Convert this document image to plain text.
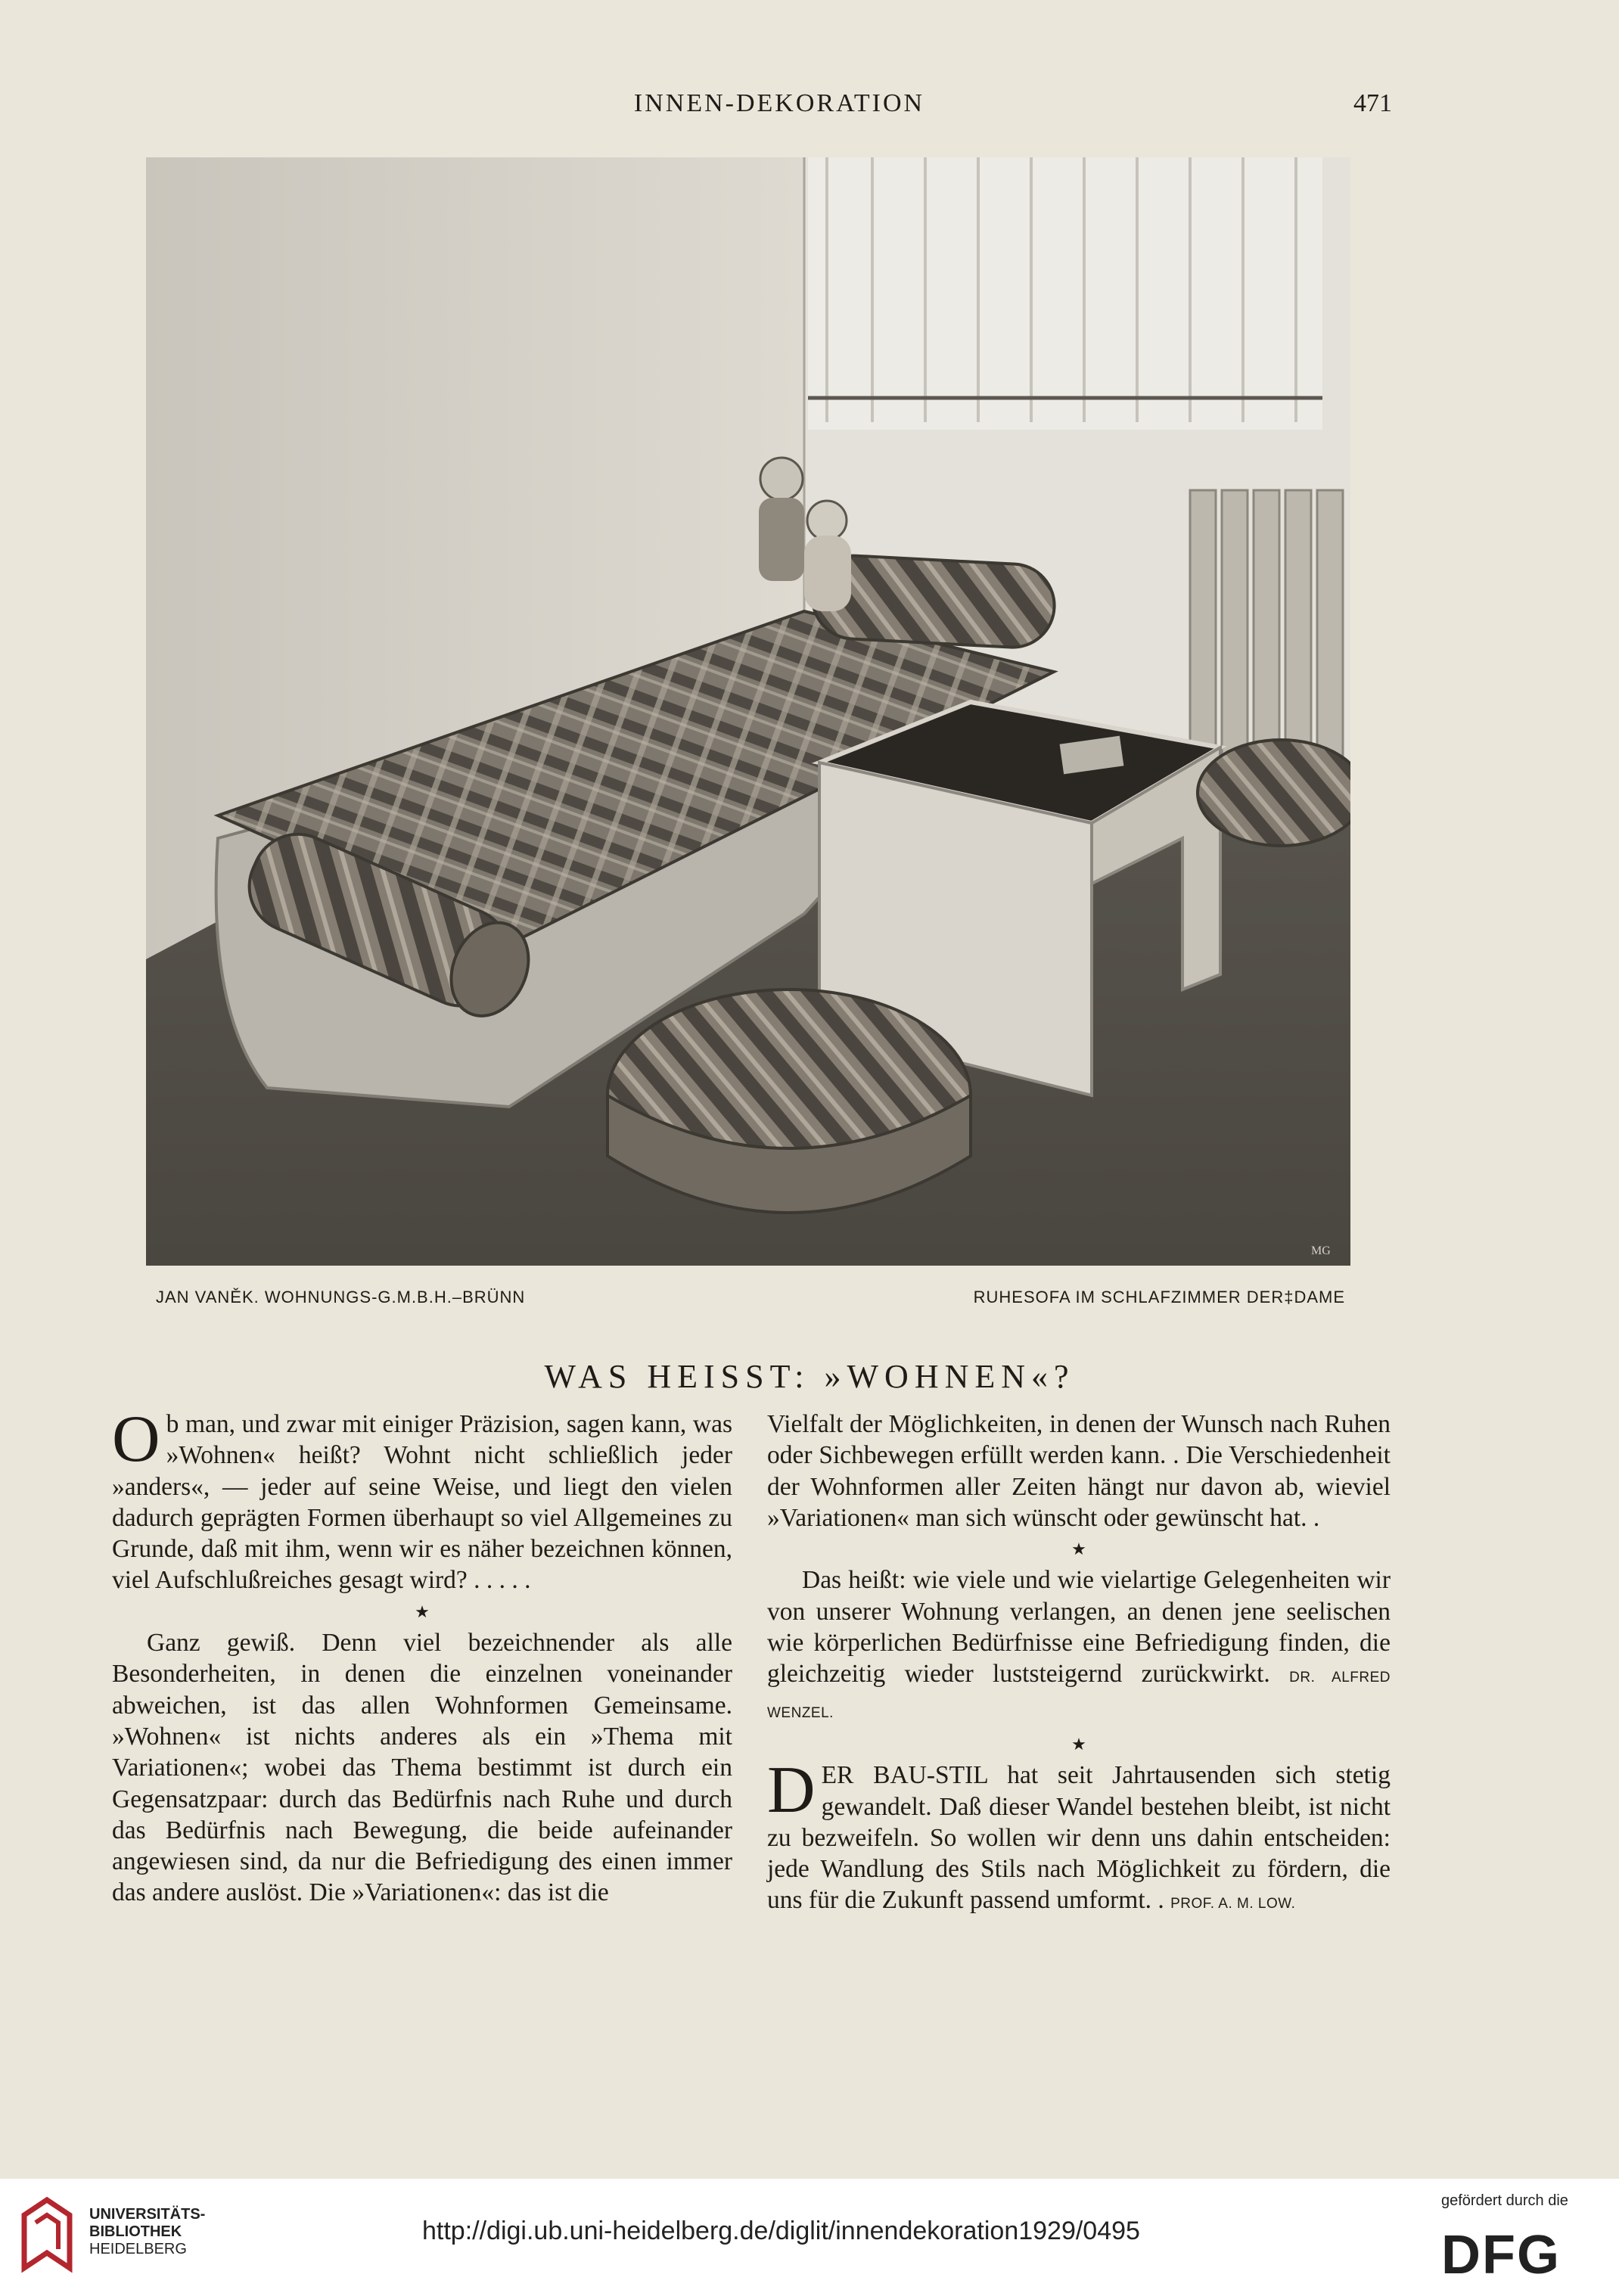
INNEN-DEKORATION	471
MG
JAN VANĚK. WOHNUNGS-G.M.B.H.–BRÜNN	RUHESOFA IM SCHLAFZIMMER DER‡DAME
WAS HEISST: »WOHNEN«?

Ob man, und zwar mit einiger Präzision, sagen kann, was »Wohnen« heißt? Wohnt nicht schließlich jeder »anders«, — jeder auf seine Weise, und liegt den vielen dadurch geprägten Formen überhaupt so viel Allgemeines zu Grunde, daß mit ihm, wenn wir es näher bezeichnen können, viel Aufschlußreiches gesagt wird? . . . . .

★

Ganz gewiß. Denn viel bezeichnender als alle Besonderheiten, in denen die einzelnen voneinander abweichen, ist das allen Wohnformen Gemeinsame. »Wohnen« ist nichts anderes als ein »Thema mit Variationen«; wobei das Thema bestimmt ist durch ein Gegensatzpaar: durch das Bedürfnis nach Ruhe und durch das Bedürfnis nach Bewegung, die beide aufeinander angewiesen sind, da nur die Befriedigung des einen immer das andere auslöst. Die »Variationen«: das ist die

Vielfalt der Möglichkeiten, in denen der Wunsch nach Ruhen oder Sichbewegen erfüllt werden kann. . Die Verschiedenheit der Wohnformen aller Zeiten hängt nur davon ab, wieviel »Variationen« man sich wünscht oder gewünscht hat. .

★

Das heißt: wie viele und wie vielartige Gelegenheiten wir von unserer Wohnung verlangen, an denen jene seelischen wie körperlichen Bedürfnisse eine Befriedigung finden, die gleichzeitig wieder luststeigernd zurückwirkt. DR. ALFRED WENZEL.

★

DER BAU-STIL hat seit Jahrtausenden sich stetig gewandelt. Daß dieser Wandel bestehen bleibt, ist nicht zu bezweifeln. So wollen wir denn uns dahin entscheiden: jede Wandlung des Stils nach Möglichkeit zu fördern, die uns für die Zukunft passend umformt. . PROF. A. M. LOW.

UNIVERSITÄTS-
BIBLIOTHEK
HEIDELBERG
http://digi.ub.uni-heidelberg.de/diglit/innendekoration1929/0495
gefördert durch die
DFG
